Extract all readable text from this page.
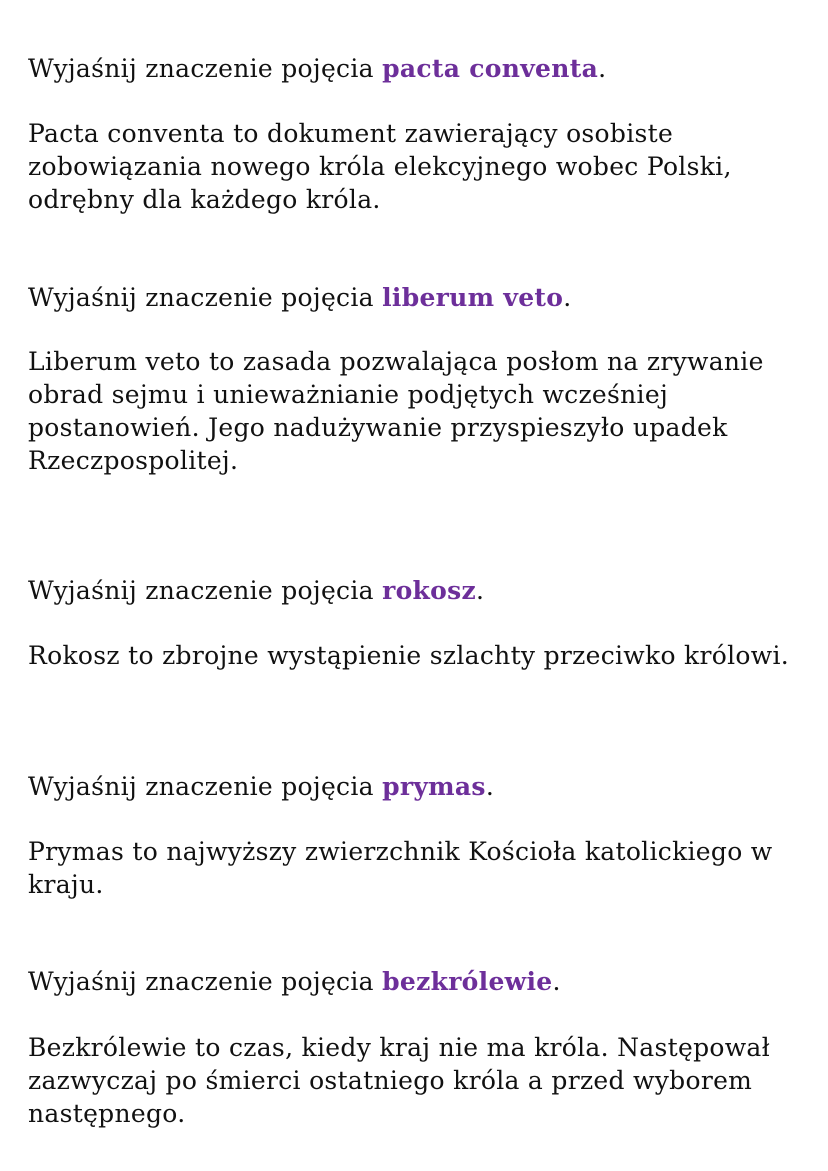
Wyjaśnij znaczenie pojęcia pacta conventa.

Pacta conventa to dokument zawierający osobiste zobowiązania nowego króla elekcyjnego wobec Polski, odrębny dla każdego króla.

Wyjaśnij znaczenie pojęcia liberum veto.

Liberum veto to zasada pozwalająca posłom na zrywanie obrad sejmu i unieważnianie podjętych wcześniej postanowień. Jego nadużywanie przyspieszyło upadek Rzeczpospolitej.

Wyjaśnij znaczenie pojęcia rokosz.

Rokosz to zbrojne wystąpienie szlachty przeciwko królowi.

Wyjaśnij znaczenie pojęcia prymas.

Prymas to najwyższy zwierzchnik Kościoła katolickiego w kraju.

Wyjaśnij znaczenie pojęcia bezkrólewie.

Bezkrólewie to czas, kiedy kraj nie ma króla. Następował zazwyczaj po śmierci ostatniego króla a przed wyborem następnego.
